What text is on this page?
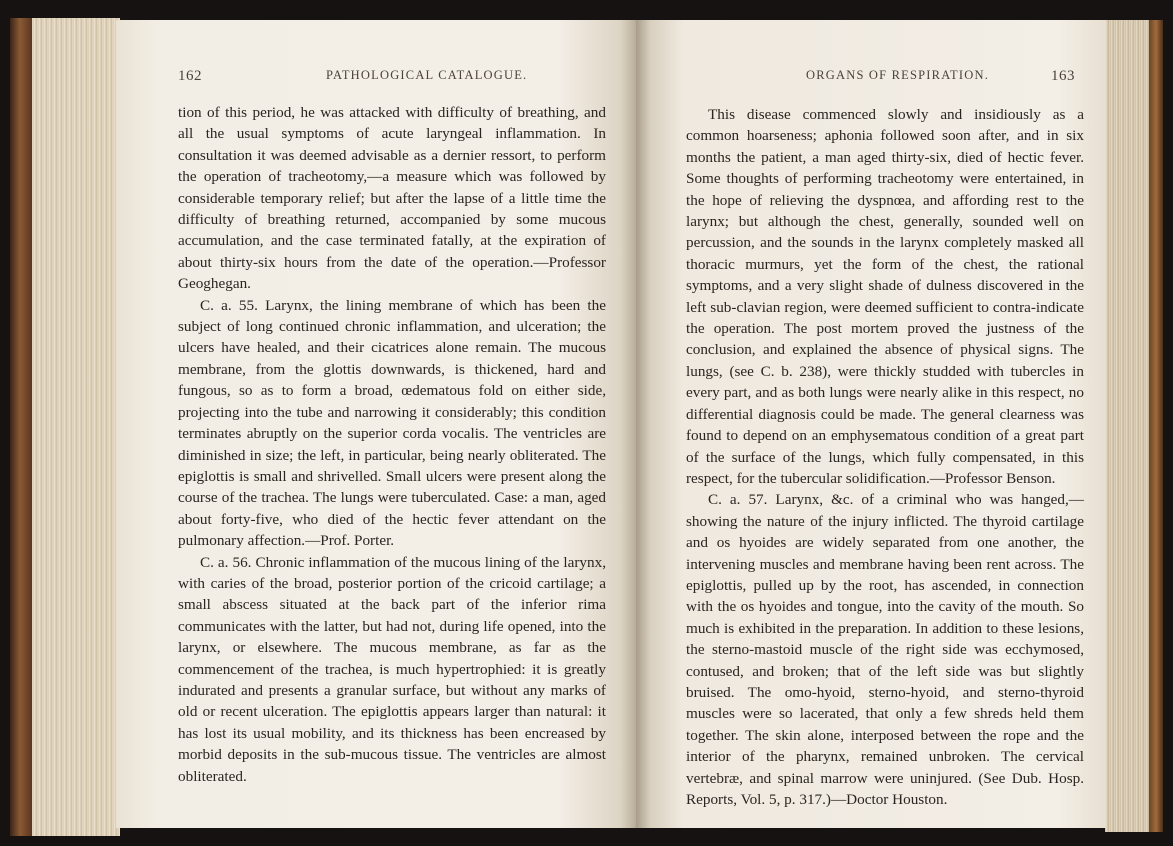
162	PATHOLOGICAL CATALOGUE.

tion of this period, he was attacked with difficulty of breathing, and all the usual symptoms of acute laryngeal inflammation. In consultation it was deemed advisable as a dernier ressort, to perform the operation of tracheotomy,—a measure which was followed by considerable temporary relief; but after the lapse of a little time the difficulty of breathing returned, accompanied by some mucous accumulation, and the case terminated fatally, at the expiration of about thirty-six hours from the date of the operation.—Professor Geoghegan.

C. a. 55. Larynx, the lining membrane of which has been the subject of long continued chronic inflammation, and ulceration; the ulcers have healed, and their cicatrices alone remain. The mucous membrane, from the glottis downwards, is thickened, hard and fungous, so as to form a broad, œdematous fold on either side, projecting into the tube and narrowing it considerably; this condition terminates abruptly on the superior corda vocalis. The ventricles are diminished in size; the left, in particular, being nearly obliterated. The epiglottis is small and shrivelled. Small ulcers were present along the course of the trachea. The lungs were tuberculated. Case: a man, aged about forty-five, who died of the hectic fever attendant on the pulmonary affection.—Prof. Porter.

C. a. 56. Chronic inflammation of the mucous lining of the larynx, with caries of the broad, posterior portion of the cricoid cartilage; a small abscess situated at the back part of the inferior rima communicates with the latter, but had not, during life opened, into the larynx, or elsewhere. The mucous membrane, as far as the commencement of the trachea, is much hypertrophied: it is greatly indurated and presents a granular surface, but without any marks of old or recent ulceration. The epiglottis appears larger than natural: it has lost its usual mobility, and its thickness has been encreased by morbid deposits in the sub-mucous tissue. The ventricles are almost obliterated.

ORGANS OF RESPIRATION.	163

This disease commenced slowly and insidiously as a common hoarseness; aphonia followed soon after, and in six months the patient, a man aged thirty-six, died of hectic fever. Some thoughts of performing tracheotomy were entertained, in the hope of relieving the dyspnœa, and affording rest to the larynx; but although the chest, generally, sounded well on percussion, and the sounds in the larynx completely masked all thoracic murmurs, yet the form of the chest, the rational symptoms, and a very slight shade of dulness discovered in the left sub-clavian region, were deemed sufficient to contra-indicate the operation. The post mortem proved the justness of the conclusion, and explained the absence of physical signs. The lungs, (see C. b. 238), were thickly studded with tubercles in every part, and as both lungs were nearly alike in this respect, no differential diagnosis could be made. The general clearness was found to depend on an emphysematous condition of a great part of the surface of the lungs, which fully compensated, in this respect, for the tubercular solidification.—Professor Benson.

C. a. 57. Larynx, &c. of a criminal who was hanged,—showing the nature of the injury inflicted. The thyroid cartilage and os hyoides are widely separated from one another, the intervening muscles and membrane having been rent across. The epiglottis, pulled up by the root, has ascended, in connection with the os hyoides and tongue, into the cavity of the mouth. So much is exhibited in the preparation. In addition to these lesions, the sterno-mastoid muscle of the right side was ecchymosed, contused, and broken; that of the left side was but slightly bruised. The omo-hyoid, sterno-hyoid, and sterno-thyroid muscles were so lacerated, that only a few shreds held them together. The skin alone, interposed between the rope and the interior of the pharynx, remained unbroken. The cervical vertebræ, and spinal marrow were uninjured. (See Dub. Hosp. Reports, Vol. 5, p. 317.)—Doctor Houston.
